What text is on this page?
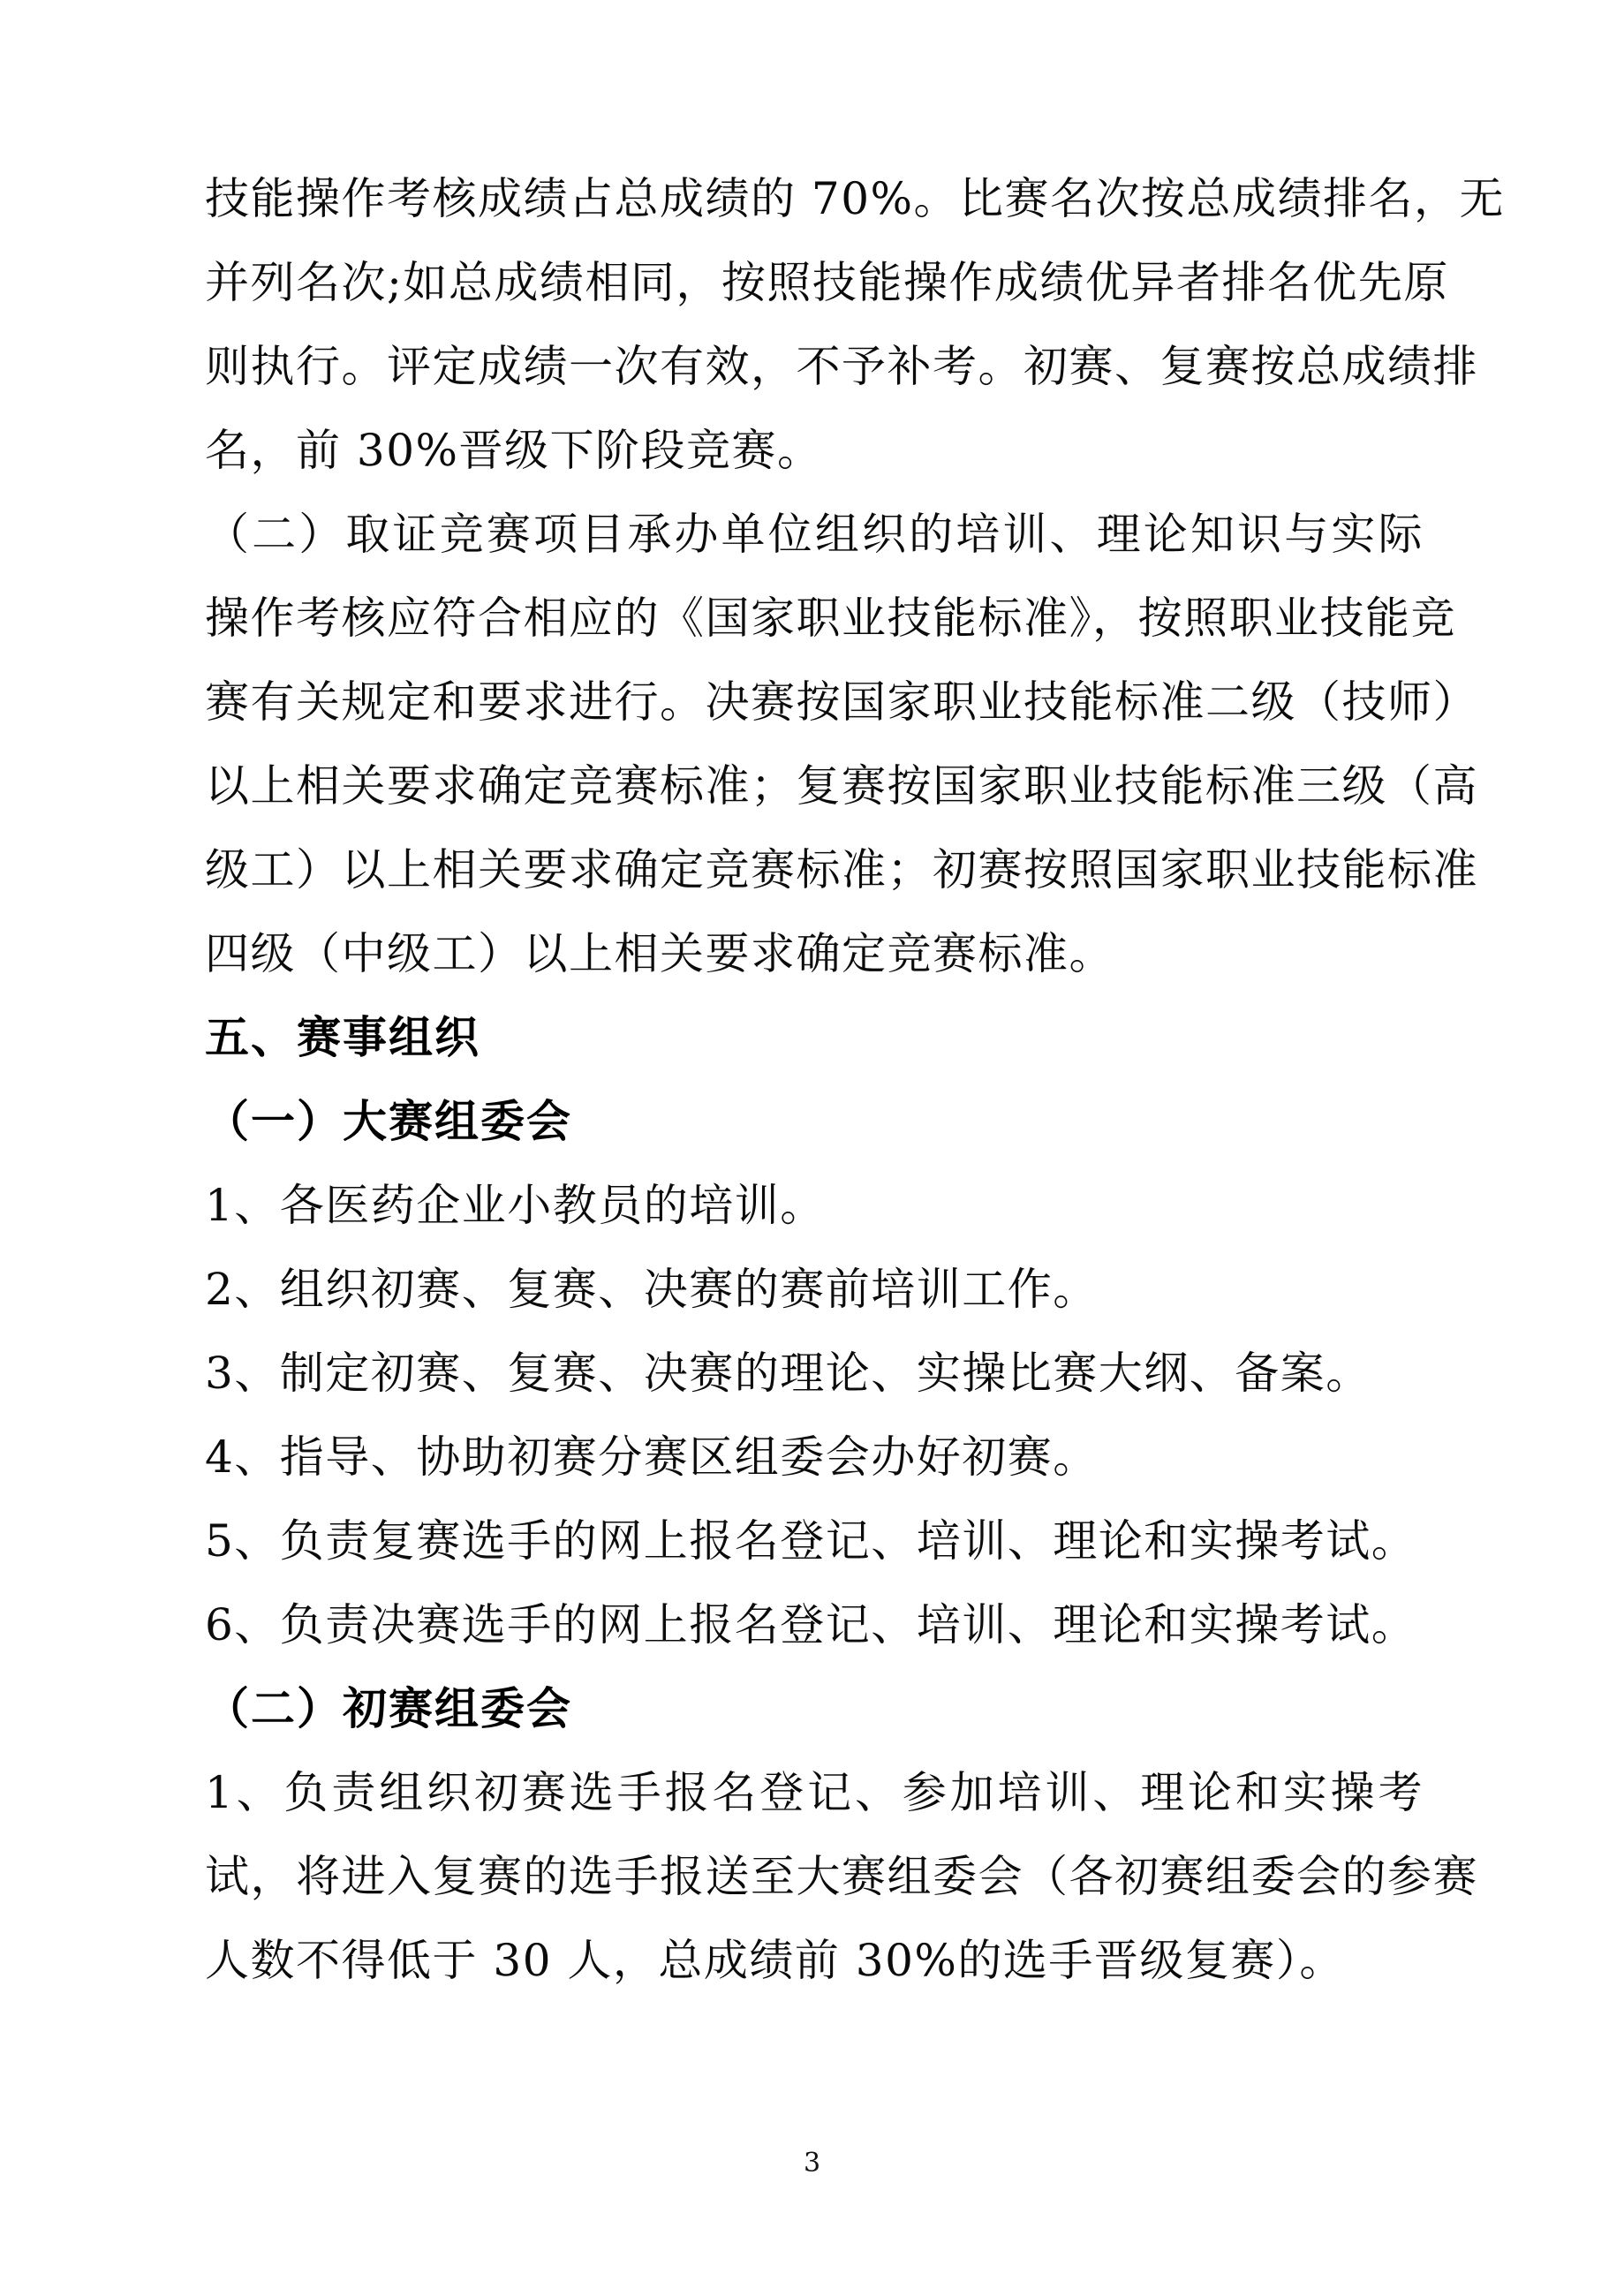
技能操作考核成绩占总成绩的 70%。比赛名次按总成绩排名，无
并列名次;如总成绩相同，按照技能操作成绩优异者排名优先原
则执行。评定成绩一次有效，不予补考。初赛、复赛按总成绩排
名，前 30%晋级下阶段竞赛。
（二）取证竞赛项目承办单位组织的培训、理论知识与实际
操作考核应符合相应的《国家职业技能标准》，按照职业技能竞
赛有关规定和要求进行。决赛按国家职业技能标准二级（技师）
以上相关要求确定竞赛标准；复赛按国家职业技能标准三级（高
级工）以上相关要求确定竞赛标准；初赛按照国家职业技能标准
四级（中级工）以上相关要求确定竞赛标准。
五、赛事组织
（一）大赛组委会
1、各医药企业小教员的培训。
2、组织初赛、复赛、决赛的赛前培训工作。
3、制定初赛、复赛、决赛的理论、实操比赛大纲、备案。
4、指导、协助初赛分赛区组委会办好初赛。
5、负责复赛选手的网上报名登记、培训、理论和实操考试。
6、负责决赛选手的网上报名登记、培训、理论和实操考试。
（二）初赛组委会
1、负责组织初赛选手报名登记、参加培训、理论和实操考
试，将进入复赛的选手报送至大赛组委会（各初赛组委会的参赛
人数不得低于 30 人，总成绩前 30%的选手晋级复赛）。
3
